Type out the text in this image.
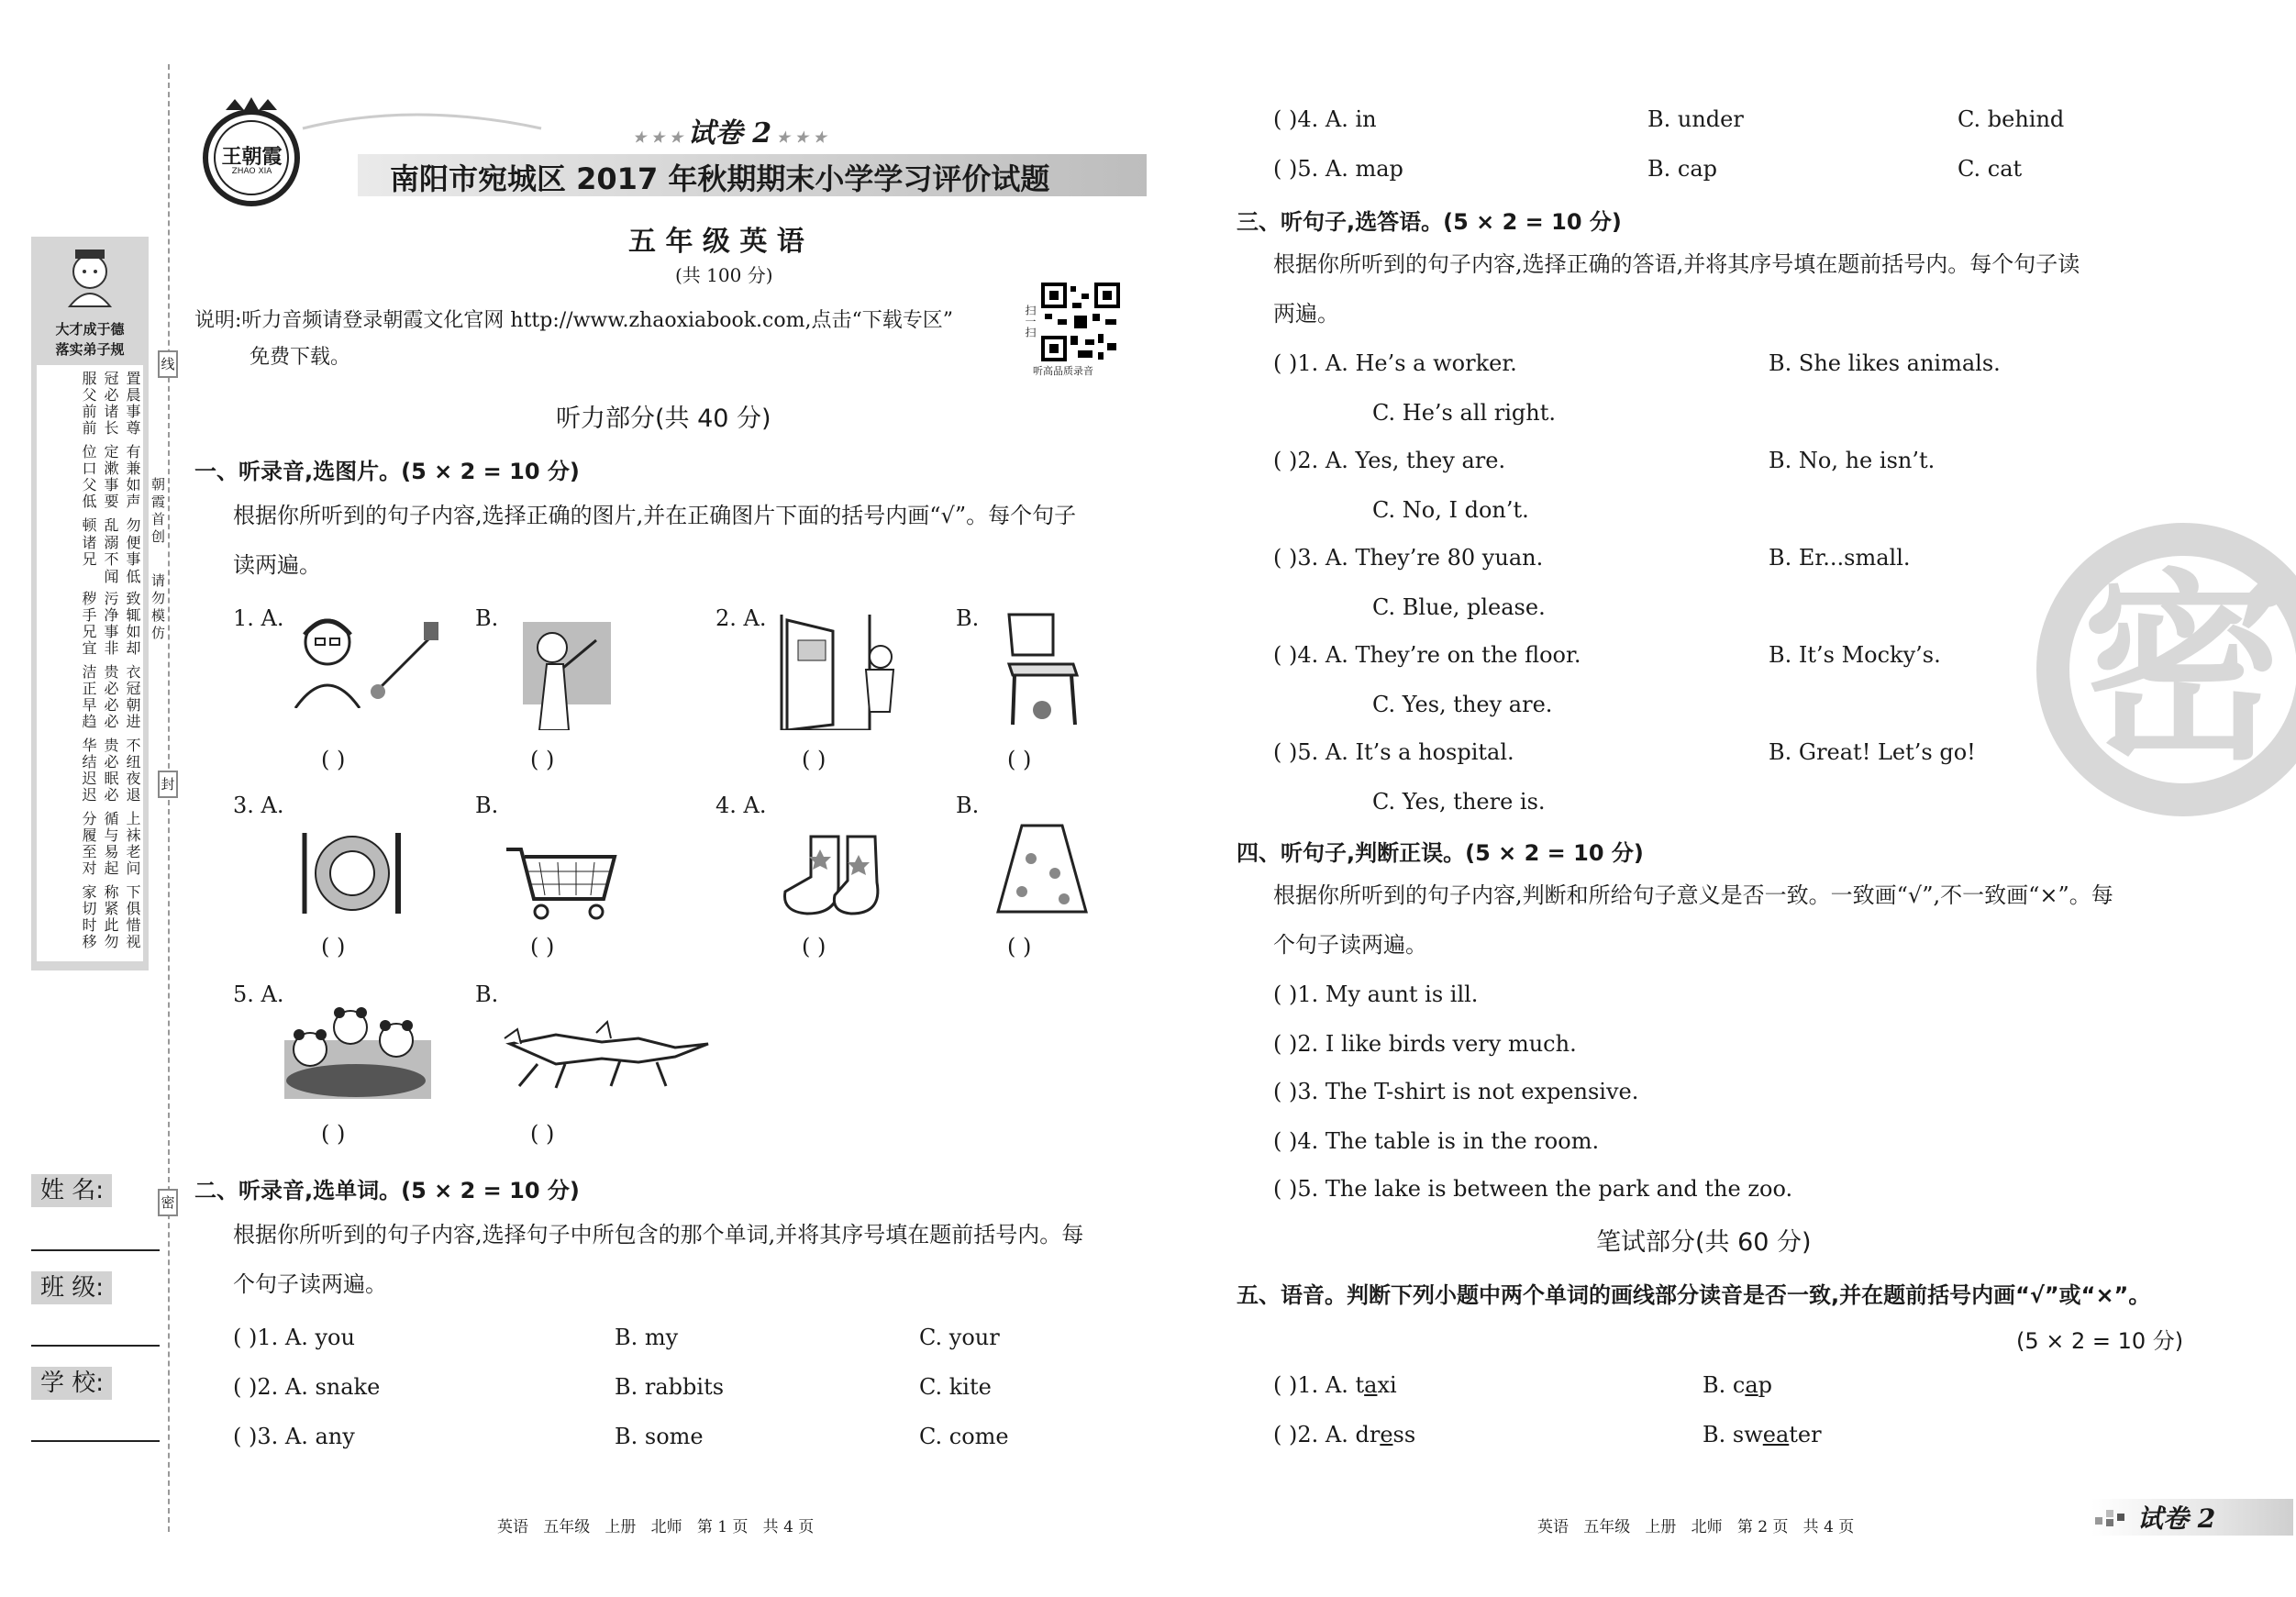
大才成于德
落实弟子规
置冠服
晨必父
事诸前
尊长前
有定位
兼漱口
如事父
声要低
勿乱顿
便溺诸
事不兄
低闻
致污秽
辄净手
如事兄
却非宜
衣贵洁
冠必正
朝必早
进必趋
不贵华
纽必结
夜眠迟
退必迟
上循分
袜与履
老易至
问起对
下称家
俱紧切
惜此时
视勿移
姓 名:
班 级:
学 校:
朝霞首创
请勿模仿
线
封
密
王朝霞
ZHAO XIA
★ ★ ★ 试卷 2 ★ ★ ★
南阳市宛城区 2017 年秋期期末小学学习评价试题
五 年 级 英 语
(共 100 分)
说明:听力音频请登录朝霞文化官网 http://www.zhaoxiabook.com,点击“下载专区”
免费下载。
扫一扫
听高品质录音
听力部分(共 40 分)
一、听录音,选图片。(5 × 2 = 10 分)
根据你所听到的句子内容,选择正确的图片,并在正确图片下面的括号内画“√”。每个句子
读两遍。
1. A.	B.	2. A.	B.
( )	( )	( )	( )
3. A.	B.	4. A.	B.
( )	( )	( )	( )
5. A.	B.
( )	( )
二、听录音,选单词。(5 × 2 = 10 分)
根据你所听到的句子内容,选择句子中所包含的那个单词,并将其序号填在题前括号内。每
个句子读两遍。
( )1. A. you	B. my	C. your
( )2. A. snake	B. rabbits	C. kite
( )3. A. any	B. some	C. come
英语   五年级   上册   北师   第 1 页   共 4 页
密
( )4. A. in	B. under	C. behind
( )5. A. map	B. cap	C. cat
三、听句子,选答语。(5 × 2 = 10 分)
根据你所听到的句子内容,选择正确的答语,并将其序号填在题前括号内。每个句子读
两遍。
( )1. A. He’s a worker.	B. She likes animals.
C. He’s all right.
( )2. A. Yes, they are.	B. No, he isn’t.
C. No, I don’t.
( )3. A. They’re 80 yuan.	B. Er...small.
C. Blue, please.
( )4. A. They’re on the floor.	B. It’s Mocky’s.
C. Yes, they are.
( )5. A. It’s a hospital.	B. Great! Let’s go!
C. Yes, there is.
四、听句子,判断正误。(5 × 2 = 10 分)
根据你所听到的句子内容,判断和所给句子意义是否一致。一致画“√”,不一致画“×”。每
个句子读两遍。
( )1. My aunt is ill.
( )2. I like birds very much.
( )3. The T-shirt is not expensive.
( )4. The table is in the room.
( )5. The lake is between the park and the zoo.
笔试部分(共 60 分)
五、语音。判断下列小题中两个单词的画线部分读音是否一致,并在题前括号内画“√”或“×”。
(5 × 2 = 10 分)
( )1. A. taxi	B. cap
( )2. A. dress	B. sweater
英语   五年级   上册   北师   第 2 页   共 4 页	试卷 2
